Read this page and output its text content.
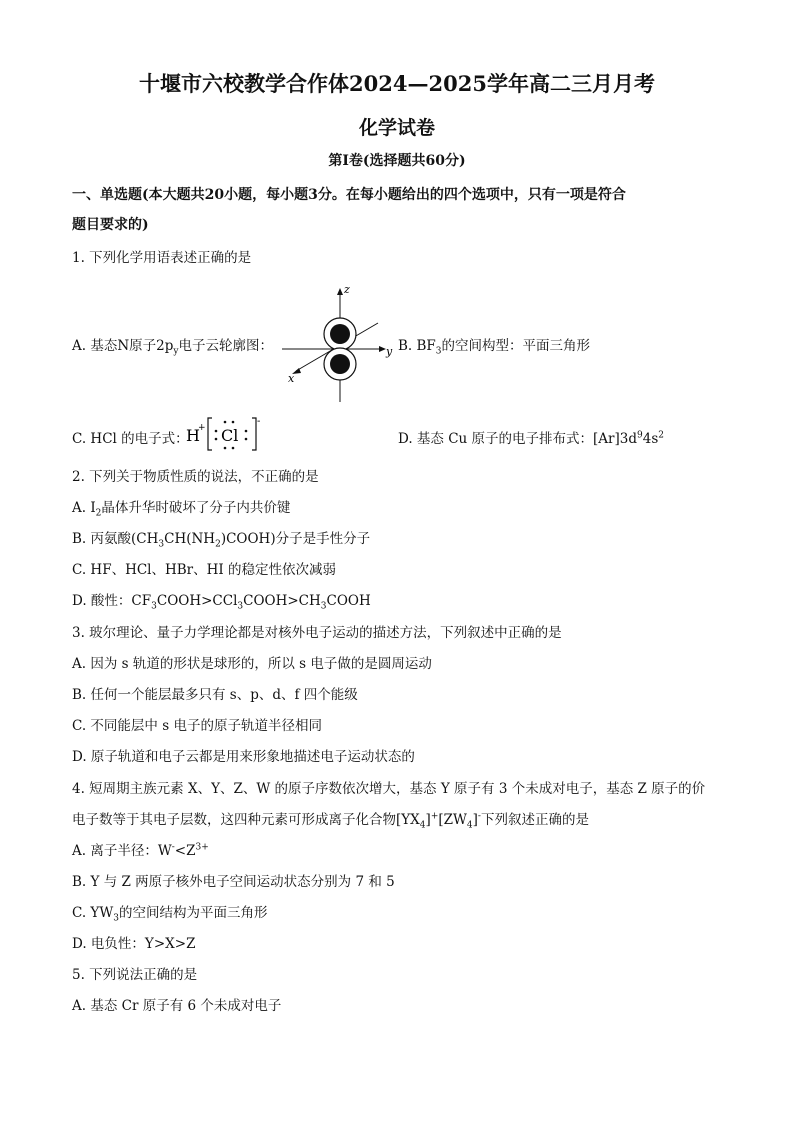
十堰市六校教学合作体2024—2025学年高二三月月考
化学试卷
第Ⅰ卷(选择题共60分)
一、单选题(本大题共20小题，每小题3分。在每小题给出的四个选项中，只有一项是符合
题目要求的)
1. 下列化学用语表述正确的是
A. 基态N原子$2p_y$电子云轮廓图：
z
y
x
B. $BF_3$的空间构型：平面三角形
C. HCl 的电子式：
H
+ Cl
-
D. 基态 Cu 原子的电子排布式：$[Ar]3d^94s^2$
2. 下列关于物质性质的说法，不正确的是
A. $I_2$晶体升华时破坏了分子内共价键
B. 丙氨酸$(CH_3CH(NH_2)COOH)$分子是手性分子
C. HF、HCl、HBr、HI 的稳定性依次减弱
D. 酸性：$CF_3COOH>CCl_3COOH>CH_3COOH$
3. 玻尔理论、量子力学理论都是对核外电子运动的描述方法，下列叙述中正确的是
A. 因为 s 轨道的形状是球形的，所以 s 电子做的是圆周运动
B. 任何一个能层最多只有 s、p、d、f 四个能级
C. 不同能层中 s 电子的原子轨道半径相同
D. 原子轨道和电子云都是用来形象地描述电子运动状态的
4. 短周期主族元素 X、Y、Z、W 的原子序数依次增大，基态 Y 原子有 3 个未成对电子，基态 Z 原子的价
电子数等于其电子层数，这四种元素可形成离子化合物$[YX_4]^+[ZW_4]^-$下列叙述正确的是
A. 离子半径：$W^-<Z^{3+}$
B. Y 与 Z 两原子核外电子空间运动状态分别为 7 和 5
C. $YW_3$的空间结构为平面三角形
D. 电负性：Y>X>Z
5. 下列说法正确的是
A. 基态 Cr 原子有 6 个未成对电子
